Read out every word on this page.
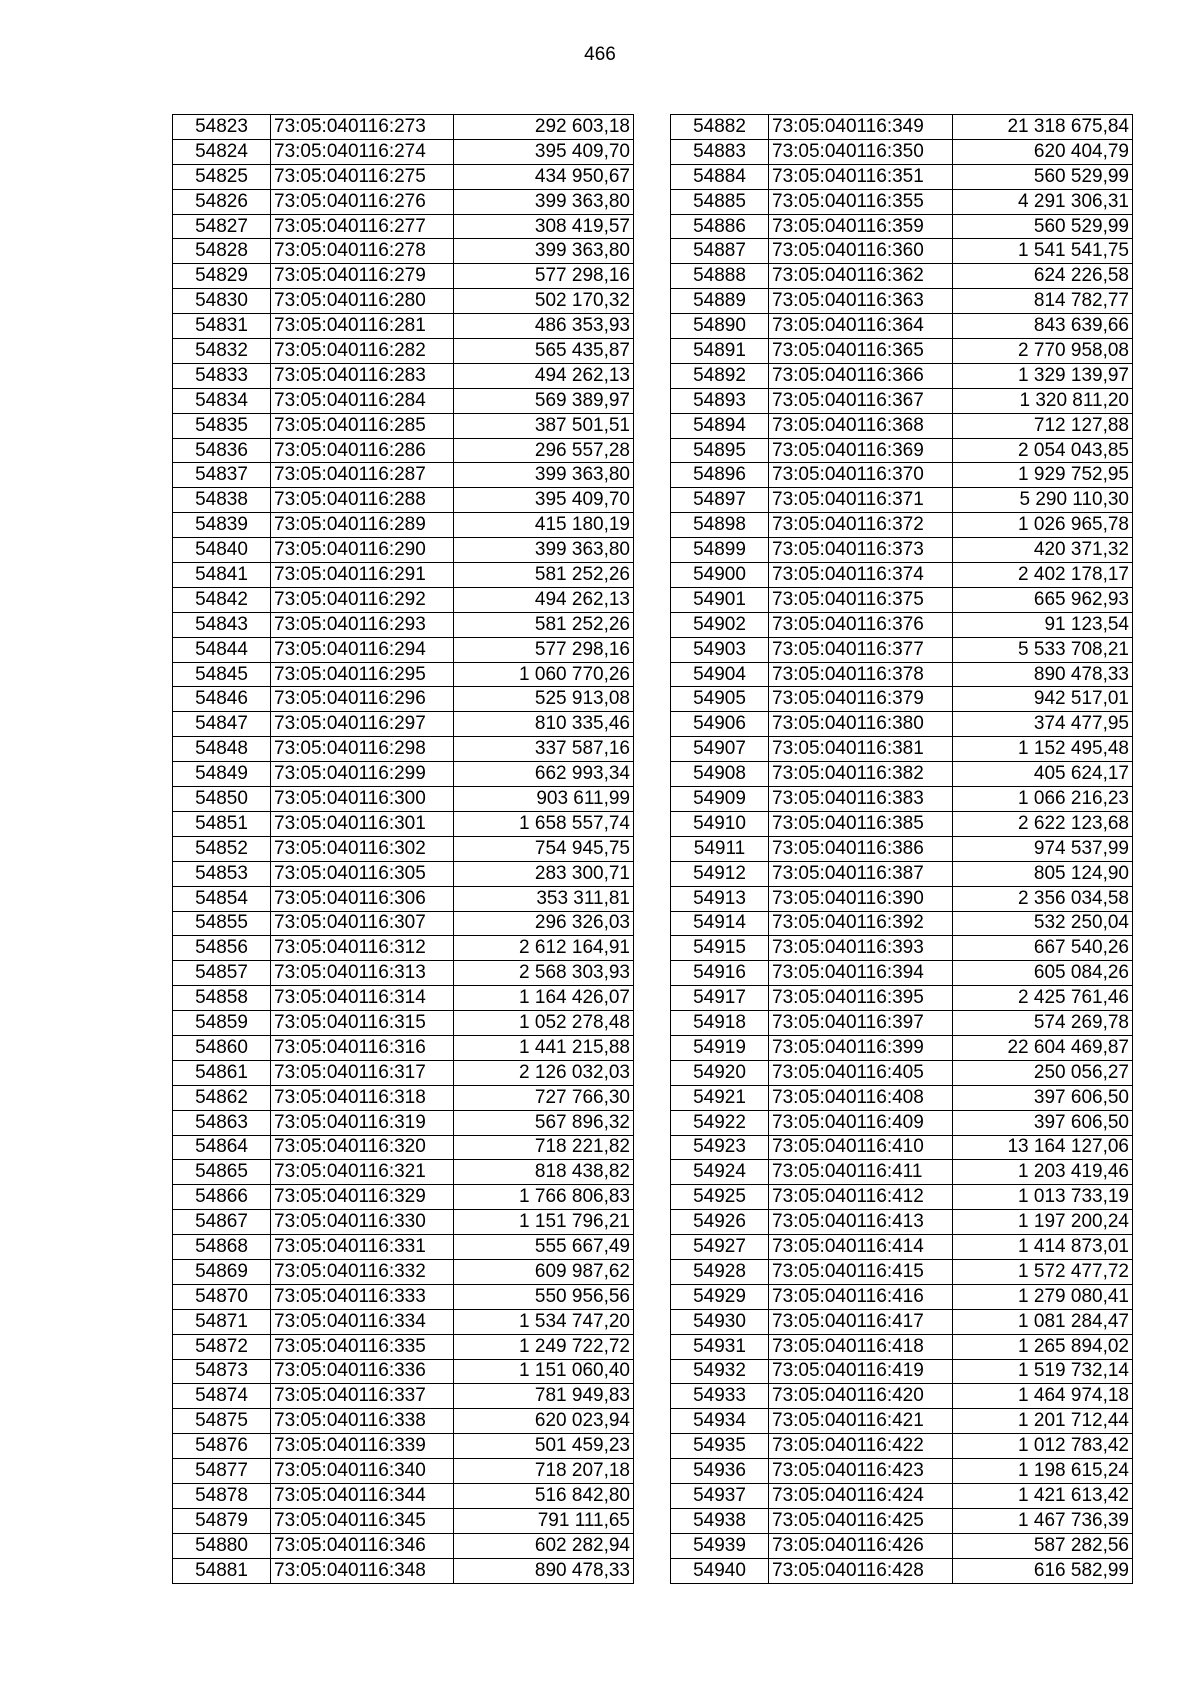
466
54823	73:05:040116:273	292 603,18
54824	73:05:040116:274	395 409,70
54825	73:05:040116:275	434 950,67
54826	73:05:040116:276	399 363,80
54827	73:05:040116:277	308 419,57
54828	73:05:040116:278	399 363,80
54829	73:05:040116:279	577 298,16
54830	73:05:040116:280	502 170,32
54831	73:05:040116:281	486 353,93
54832	73:05:040116:282	565 435,87
54833	73:05:040116:283	494 262,13
54834	73:05:040116:284	569 389,97
54835	73:05:040116:285	387 501,51
54836	73:05:040116:286	296 557,28
54837	73:05:040116:287	399 363,80
54838	73:05:040116:288	395 409,70
54839	73:05:040116:289	415 180,19
54840	73:05:040116:290	399 363,80
54841	73:05:040116:291	581 252,26
54842	73:05:040116:292	494 262,13
54843	73:05:040116:293	581 252,26
54844	73:05:040116:294	577 298,16
54845	73:05:040116:295	1 060 770,26
54846	73:05:040116:296	525 913,08
54847	73:05:040116:297	810 335,46
54848	73:05:040116:298	337 587,16
54849	73:05:040116:299	662 993,34
54850	73:05:040116:300	903 611,99
54851	73:05:040116:301	1 658 557,74
54852	73:05:040116:302	754 945,75
54853	73:05:040116:305	283 300,71
54854	73:05:040116:306	353 311,81
54855	73:05:040116:307	296 326,03
54856	73:05:040116:312	2 612 164,91
54857	73:05:040116:313	2 568 303,93
54858	73:05:040116:314	1 164 426,07
54859	73:05:040116:315	1 052 278,48
54860	73:05:040116:316	1 441 215,88
54861	73:05:040116:317	2 126 032,03
54862	73:05:040116:318	727 766,30
54863	73:05:040116:319	567 896,32
54864	73:05:040116:320	718 221,82
54865	73:05:040116:321	818 438,82
54866	73:05:040116:329	1 766 806,83
54867	73:05:040116:330	1 151 796,21
54868	73:05:040116:331	555 667,49
54869	73:05:040116:332	609 987,62
54870	73:05:040116:333	550 956,56
54871	73:05:040116:334	1 534 747,20
54872	73:05:040116:335	1 249 722,72
54873	73:05:040116:336	1 151 060,40
54874	73:05:040116:337	781 949,83
54875	73:05:040116:338	620 023,94
54876	73:05:040116:339	501 459,23
54877	73:05:040116:340	718 207,18
54878	73:05:040116:344	516 842,80
54879	73:05:040116:345	791 111,65
54880	73:05:040116:346	602 282,94
54881	73:05:040116:348	890 478,33
54882	73:05:040116:349	21 318 675,84
54883	73:05:040116:350	620 404,79
54884	73:05:040116:351	560 529,99
54885	73:05:040116:355	4 291 306,31
54886	73:05:040116:359	560 529,99
54887	73:05:040116:360	1 541 541,75
54888	73:05:040116:362	624 226,58
54889	73:05:040116:363	814 782,77
54890	73:05:040116:364	843 639,66
54891	73:05:040116:365	2 770 958,08
54892	73:05:040116:366	1 329 139,97
54893	73:05:040116:367	1 320 811,20
54894	73:05:040116:368	712 127,88
54895	73:05:040116:369	2 054 043,85
54896	73:05:040116:370	1 929 752,95
54897	73:05:040116:371	5 290 110,30
54898	73:05:040116:372	1 026 965,78
54899	73:05:040116:373	420 371,32
54900	73:05:040116:374	2 402 178,17
54901	73:05:040116:375	665 962,93
54902	73:05:040116:376	91 123,54
54903	73:05:040116:377	5 533 708,21
54904	73:05:040116:378	890 478,33
54905	73:05:040116:379	942 517,01
54906	73:05:040116:380	374 477,95
54907	73:05:040116:381	1 152 495,48
54908	73:05:040116:382	405 624,17
54909	73:05:040116:383	1 066 216,23
54910	73:05:040116:385	2 622 123,68
54911	73:05:040116:386	974 537,99
54912	73:05:040116:387	805 124,90
54913	73:05:040116:390	2 356 034,58
54914	73:05:040116:392	532 250,04
54915	73:05:040116:393	667 540,26
54916	73:05:040116:394	605 084,26
54917	73:05:040116:395	2 425 761,46
54918	73:05:040116:397	574 269,78
54919	73:05:040116:399	22 604 469,87
54920	73:05:040116:405	250 056,27
54921	73:05:040116:408	397 606,50
54922	73:05:040116:409	397 606,50
54923	73:05:040116:410	13 164 127,06
54924	73:05:040116:411	1 203 419,46
54925	73:05:040116:412	1 013 733,19
54926	73:05:040116:413	1 197 200,24
54927	73:05:040116:414	1 414 873,01
54928	73:05:040116:415	1 572 477,72
54929	73:05:040116:416	1 279 080,41
54930	73:05:040116:417	1 081 284,47
54931	73:05:040116:418	1 265 894,02
54932	73:05:040116:419	1 519 732,14
54933	73:05:040116:420	1 464 974,18
54934	73:05:040116:421	1 201 712,44
54935	73:05:040116:422	1 012 783,42
54936	73:05:040116:423	1 198 615,24
54937	73:05:040116:424	1 421 613,42
54938	73:05:040116:425	1 467 736,39
54939	73:05:040116:426	587 282,56
54940	73:05:040116:428	616 582,99
